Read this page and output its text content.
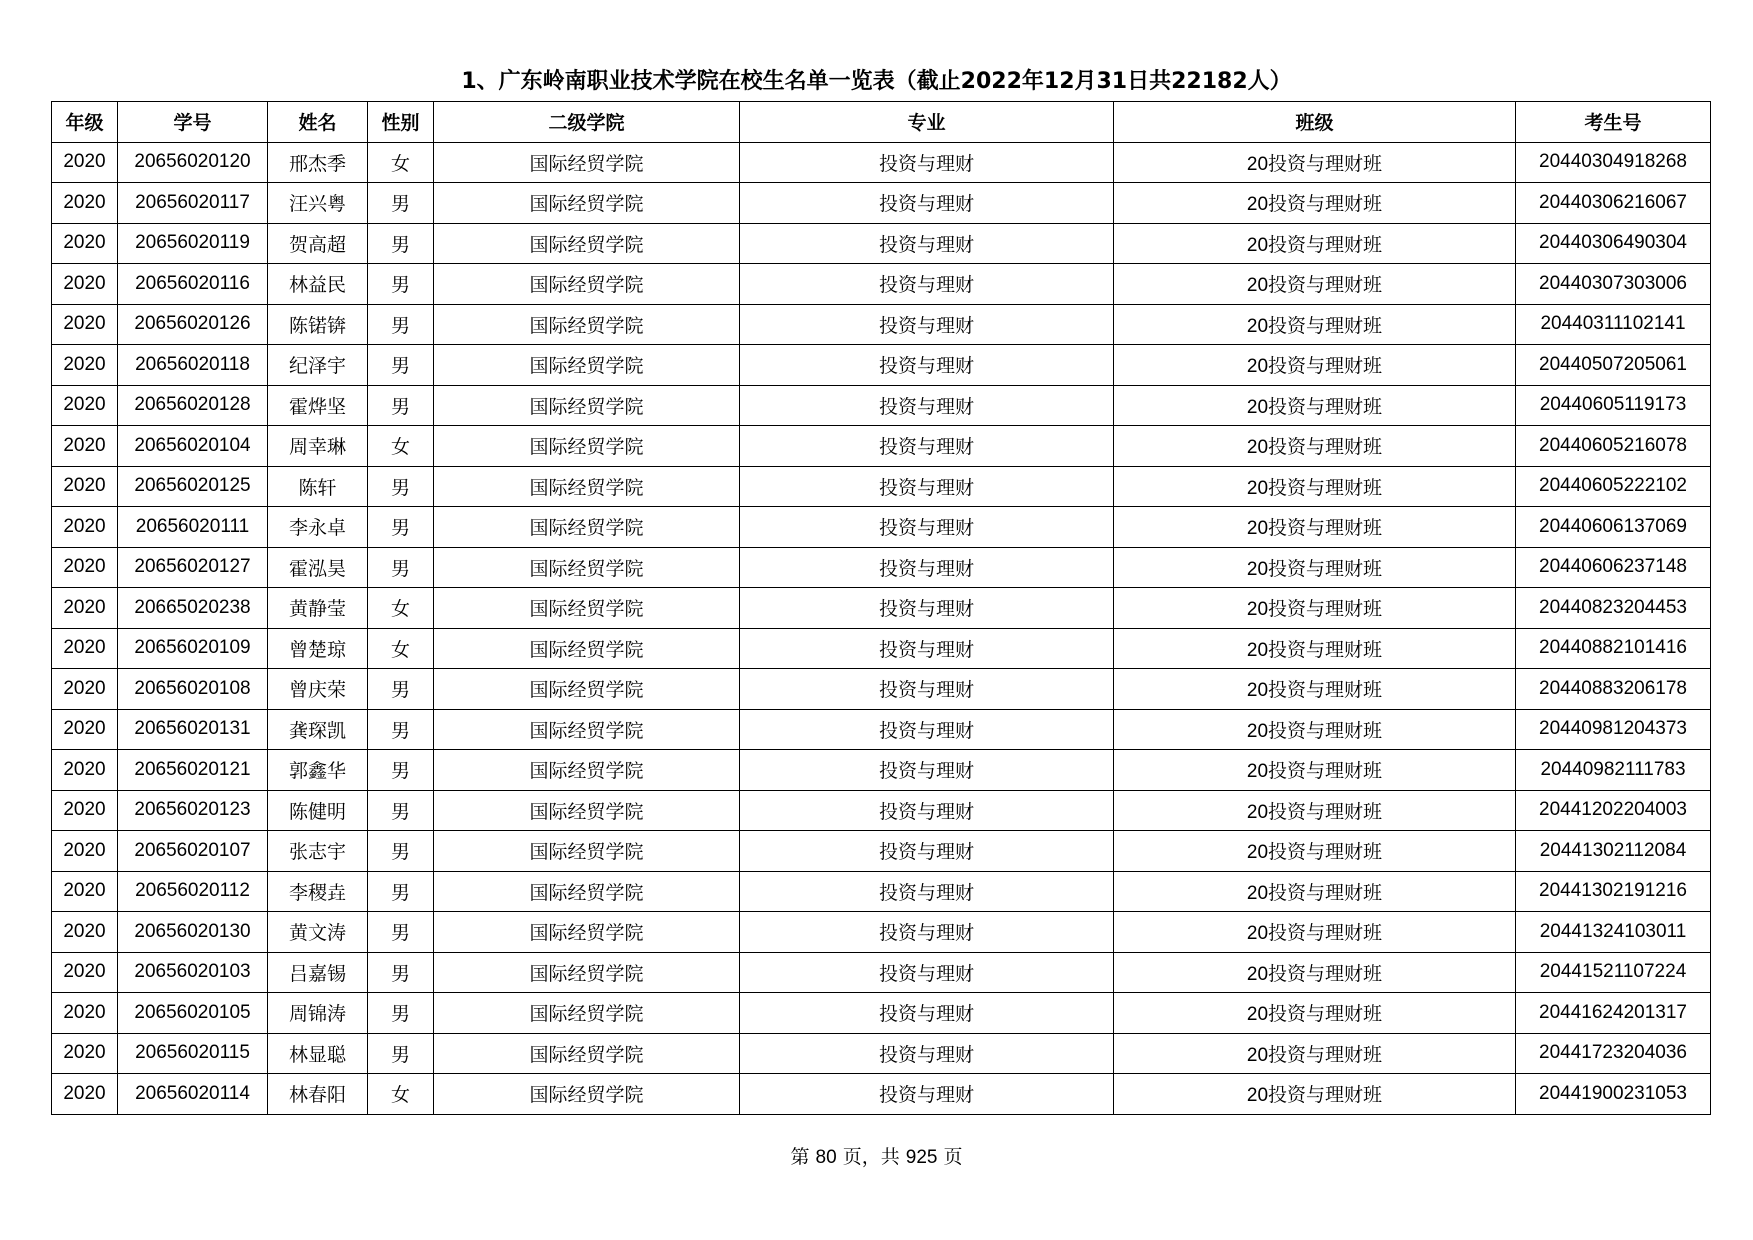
1、广东岭南职业技术学院在校生名单一览表（截止2022年12月31日共22182人）
年级	学号	姓名	性别	二级学院	专业	班级	考生号
2020	20656020120	邢杰季	女	国际经贸学院	投资与理财	20投资与理财班	20440304918268
2020	20656020117	汪兴粤	男	国际经贸学院	投资与理财	20投资与理财班	20440306216067
2020	20656020119	贺高超	男	国际经贸学院	投资与理财	20投资与理财班	20440306490304
2020	20656020116	林益民	男	国际经贸学院	投资与理财	20投资与理财班	20440307303006
2020	20656020126	陈锘锛	男	国际经贸学院	投资与理财	20投资与理财班	20440311102141
2020	20656020118	纪泽宇	男	国际经贸学院	投资与理财	20投资与理财班	20440507205061
2020	20656020128	霍烨坚	男	国际经贸学院	投资与理财	20投资与理财班	20440605119173
2020	20656020104	周幸琳	女	国际经贸学院	投资与理财	20投资与理财班	20440605216078
2020	20656020125	陈轩	男	国际经贸学院	投资与理财	20投资与理财班	20440605222102
2020	20656020111	李永卓	男	国际经贸学院	投资与理财	20投资与理财班	20440606137069
2020	20656020127	霍泓昊	男	国际经贸学院	投资与理财	20投资与理财班	20440606237148
2020	20665020238	黄静莹	女	国际经贸学院	投资与理财	20投资与理财班	20440823204453
2020	20656020109	曾楚琼	女	国际经贸学院	投资与理财	20投资与理财班	20440882101416
2020	20656020108	曾庆荣	男	国际经贸学院	投资与理财	20投资与理财班	20440883206178
2020	20656020131	龚琛凯	男	国际经贸学院	投资与理财	20投资与理财班	20440981204373
2020	20656020121	郭鑫华	男	国际经贸学院	投资与理财	20投资与理财班	20440982111783
2020	20656020123	陈健明	男	国际经贸学院	投资与理财	20投资与理财班	20441202204003
2020	20656020107	张志宇	男	国际经贸学院	投资与理财	20投资与理财班	20441302112084
2020	20656020112	李稷垚	男	国际经贸学院	投资与理财	20投资与理财班	20441302191216
2020	20656020130	黄文涛	男	国际经贸学院	投资与理财	20投资与理财班	20441324103011
2020	20656020103	吕嘉锡	男	国际经贸学院	投资与理财	20投资与理财班	20441521107224
2020	20656020105	周锦涛	男	国际经贸学院	投资与理财	20投资与理财班	20441624201317
2020	20656020115	林显聪	男	国际经贸学院	投资与理财	20投资与理财班	20441723204036
2020	20656020114	林春阳	女	国际经贸学院	投资与理财	20投资与理财班	20441900231053

第 80 页，共 925 页
